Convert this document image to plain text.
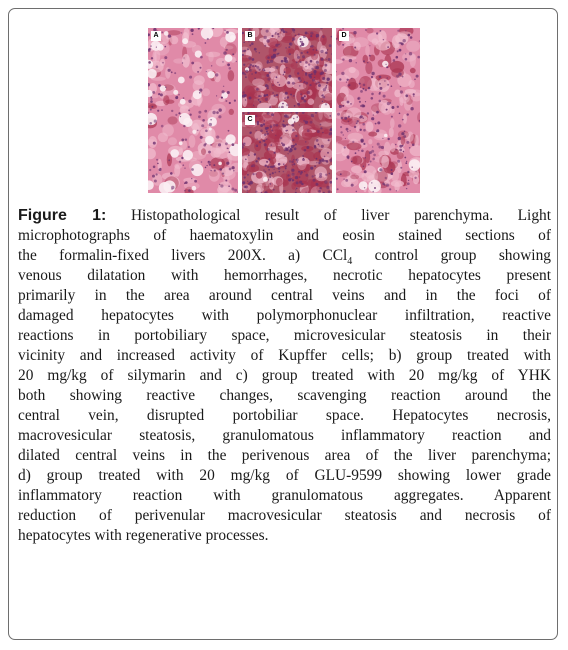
A	B
C
D
Figure 1: Histopathological result of liver parenchyma. Light
microphotographs of haematoxylin and eosin stained sections of
the formalin-fixed livers 200X. a) CCl$_4$ control group showing
venous dilatation with hemorrhages, necrotic hepatocytes present
primarily in the area around central veins and in the foci of
damaged hepatocytes with polymorphonuclear infiltration, reactive
reactions in portobiliary space, microvesicular steatosis in their
vicinity and increased activity of Kupffer cells; b) group treated with
20 mg/kg of silymarin and c) group treated with 20 mg/kg of YHK
both showing reactive changes, scavenging reaction around the
central vein, disrupted portobiliar space. Hepatocytes necrosis,
macrovesicular steatosis, granulomatous inflammatory reaction and
dilated central veins in the perivenous area of the liver parenchyma;
d) group treated with 20 mg/kg of GLU-9599 showing lower grade
inflammatory reaction with granulomatous aggregates. Apparent
reduction of perivenular macrovesicular steatosis and necrosis of
hepatocytes with regenerative processes.
